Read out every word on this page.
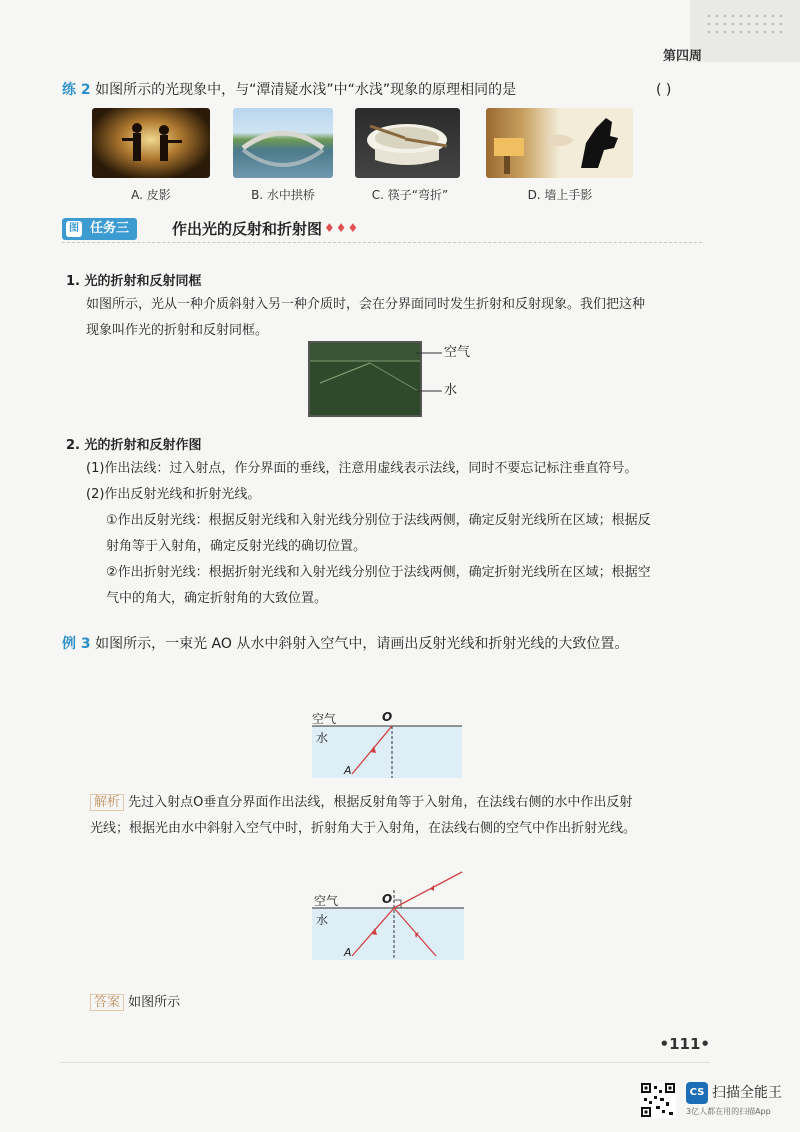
第四周
练 2 如图所示的光现象中，与“潭清疑水浅”中“水浅”现象的原理相同的是	( )
A. 皮影	B. 水中拱桥	C. 筷子“弯折”	D. 墙上手影
图 任务三	作出光的反射和折射图 ♦♦♦
1. 光的折射和反射同框
如图所示，光从一种介质斜射入另一种介质时，会在分界面同时发生折射和反射现象。我们把这种
现象叫作光的折射和反射同框。
空气
水
2. 光的折射和反射作图
(1)作出法线：过入射点，作分界面的垂线，注意用虚线表示法线，同时不要忘记标注垂直符号。
(2)作出反射光线和折射光线。
①作出反射光线：根据反射光线和入射光线分别位于法线两侧，确定反射光线所在区域；根据反
射角等于入射角，确定反射光线的确切位置。
②作出折射光线：根据折射光线和入射光线分别位于法线两侧，确定折射光线所在区域；根据空
气中的角大，确定折射角的大致位置。
例 3 如图所示，一束光 AO 从水中斜射入空气中，请画出反射光线和折射光线的大致位置。
空气
水
O
A
解析 先过入射点O垂直分界面作出法线，根据反射角等于入射角，在法线右侧的水中作出反射
光线；根据光由水中斜射入空气中时，折射角大于入射角，在法线右侧的空气中作出折射光线。
空气
水
O
A
答案 如图所示
•111•
CS 扫描全能王
3亿人都在用的扫描App
